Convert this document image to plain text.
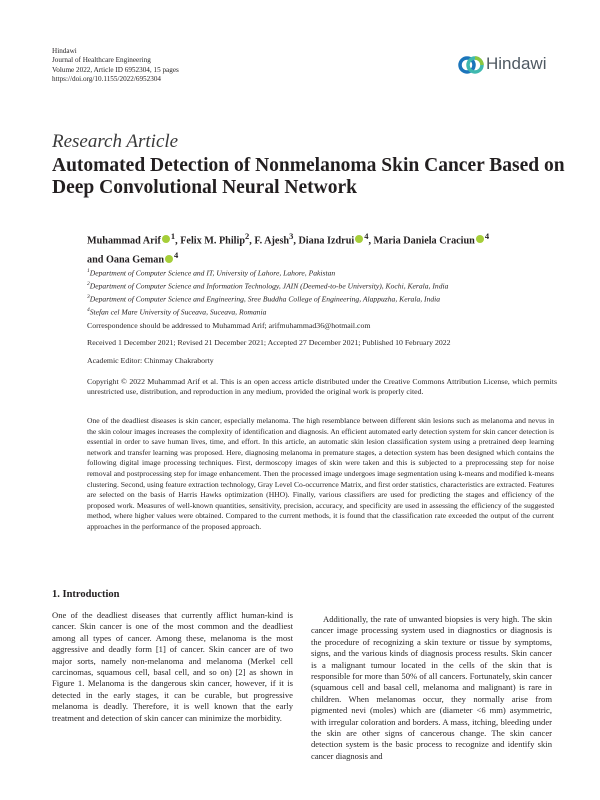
Hindawi
Journal of Healthcare Engineering
Volume 2022, Article ID 6952304, 15 pages
https://doi.org/10.1155/2022/6952304
Hindawi
Research Article
Automated Detection of Nonmelanoma Skin Cancer Based on
Deep Convolutional Neural Network
Muhammad Arif $^1$, Felix M. Philip$^2$, F. Ajesh$^3$, Diana Izdrui $^4$, Maria Daniela Craciun $^4$
and Oana Geman $^4$
$^1$Department of Computer Science and IT, University of Lahore, Lahore, Pakistan
$^2$Department of Computer Science and Information Technology, JAIN (Deemed-to-be University), Kochi, Kerala, India
$^3$Department of Computer Science and Engineering, Sree Buddha College of Engineering, Alappuzha, Kerala, India
$^4$Stefan cel Mare University of Suceava, Suceava, Romania
Correspondence should be addressed to Muhammad Arif; arifmuhammad36@hotmail.com
Received 1 December 2021; Revised 21 December 2021; Accepted 27 December 2021; Published 10 February 2022
Academic Editor: Chinmay Chakraborty
Copyright © 2022 Muhammad Arif et al. This is an open access article distributed under the Creative Commons Attribution License, which permits unrestricted use, distribution, and reproduction in any medium, provided the original work is properly cited.
One of the deadliest diseases is skin cancer, especially melanoma. The high resemblance between different skin lesions such as melanoma and nevus in the skin colour images increases the complexity of identification and diagnosis. An efficient automated early detection system for skin cancer detection is essential in order to save human lives, time, and effort. In this article, an automatic skin lesion classification system using a pretrained deep learning network and transfer learning was proposed. Here, diagnosing melanoma in premature stages, a detection system has been designed which contains the following digital image processing techniques. First, dermoscopy images of skin were taken and this is subjected to a preprocessing step for noise removal and postprocessing step for image enhancement. Then the processed image undergoes image segmentation using k-means and modified k-means clustering. Second, using feature extraction technology, Gray Level Co-occurrence Matrix, and first order statistics, characteristics are extracted. Features are selected on the basis of Harris Hawks optimization (HHO). Finally, various classifiers are used for predicting the stages and efficiency of the proposed work. Measures of well-known quantities, sensitivity, precision, accuracy, and specificity are used in assessing the efficiency of the suggested method, where higher values were obtained. Compared to the current methods, it is found that the classification rate exceeded the output of the current approaches in the performance of the proposed approach.
1. Introduction
One of the deadliest diseases that currently afflict human-kind is cancer. Skin cancer is one of the most common and the deadliest among all types of cancer. Among these, melanoma is the most aggressive and deadly form [1] of cancer. Skin cancer are of two major sorts, namely non-melanoma and melanoma (Merkel cell carcinomas, squamous cell, basal cell, and so on) [2] as shown in Figure 1. Melanoma is the dangerous skin cancer, however, if it is detected in the early stages, it can be curable, but progressive melanoma is deadly. Therefore, it is well known that the early treatment and detection of skin cancer can minimize the morbidity.
Additionally, the rate of unwanted biopsies is very high. The skin cancer image processing system used in diagnostics or diagnosis is the procedure of recognizing a skin texture or tissue by symptoms, signs, and the various kinds of diagnosis process results. Skin cancer is a malignant tumour located in the cells of the skin that is responsible for more than 50% of all cancers. Fortunately, skin cancer (squamous cell and basal cell, melanoma and malignant) is rare in children. When melanomas occur, they normally arise from pigmented nevi (moles) which are (diameter <6 mm) asymmetric, with irregular coloration and borders. A mass, itching, bleeding under the skin are other signs of cancerous change. The skin cancer detection system is the basic process to recognize and identify skin cancer diagnosis and
